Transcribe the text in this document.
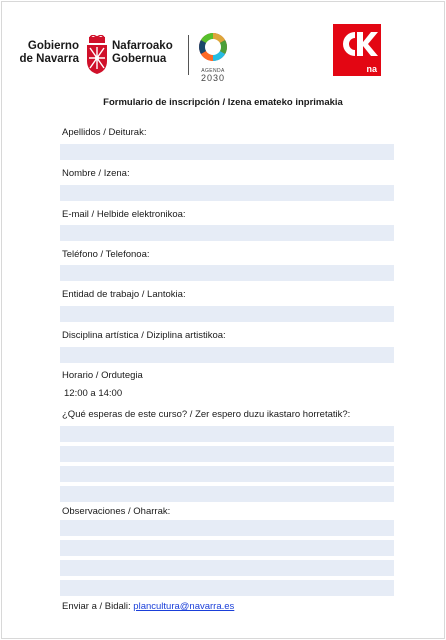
Gobierno
de Navarra
Nafarroako
Gobernua
AGENDA
2030
na
Formulario de inscripción / Izena emateko inprimakia
Apellidos / Deiturak:
Nombre / Izena:
E-mail / Helbide elektronikoa:
Teléfono / Telefonoa:
Entidad de trabajo / Lantokia:
Disciplina artística / Diziplina artistikoa:
Horario / Ordutegia
12:00 a 14:00
¿Qué esperas de este curso? / Zer espero duzu ikastaro horretatik?:
Observaciones / Oharrak:
Enviar a / Bidali: plancultura@navarra.es
